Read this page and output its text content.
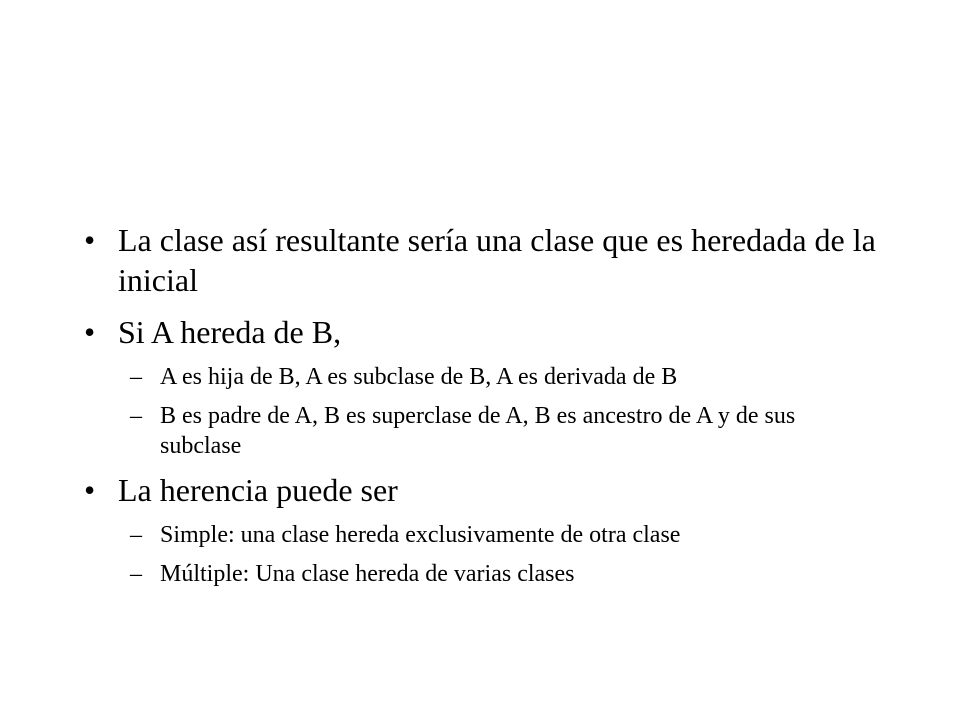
• La clase así resultante sería una clase que es heredada de la inicial
• Si A hereda de B,
– A es hija de B, A es subclase de B, A es derivada de B
– B es padre de A, B es superclase de A, B es ancestro de A y de sus subclase
• La herencia puede ser
– Simple: una clase hereda exclusivamente de otra clase
– Múltiple: Una clase hereda de varias clases
